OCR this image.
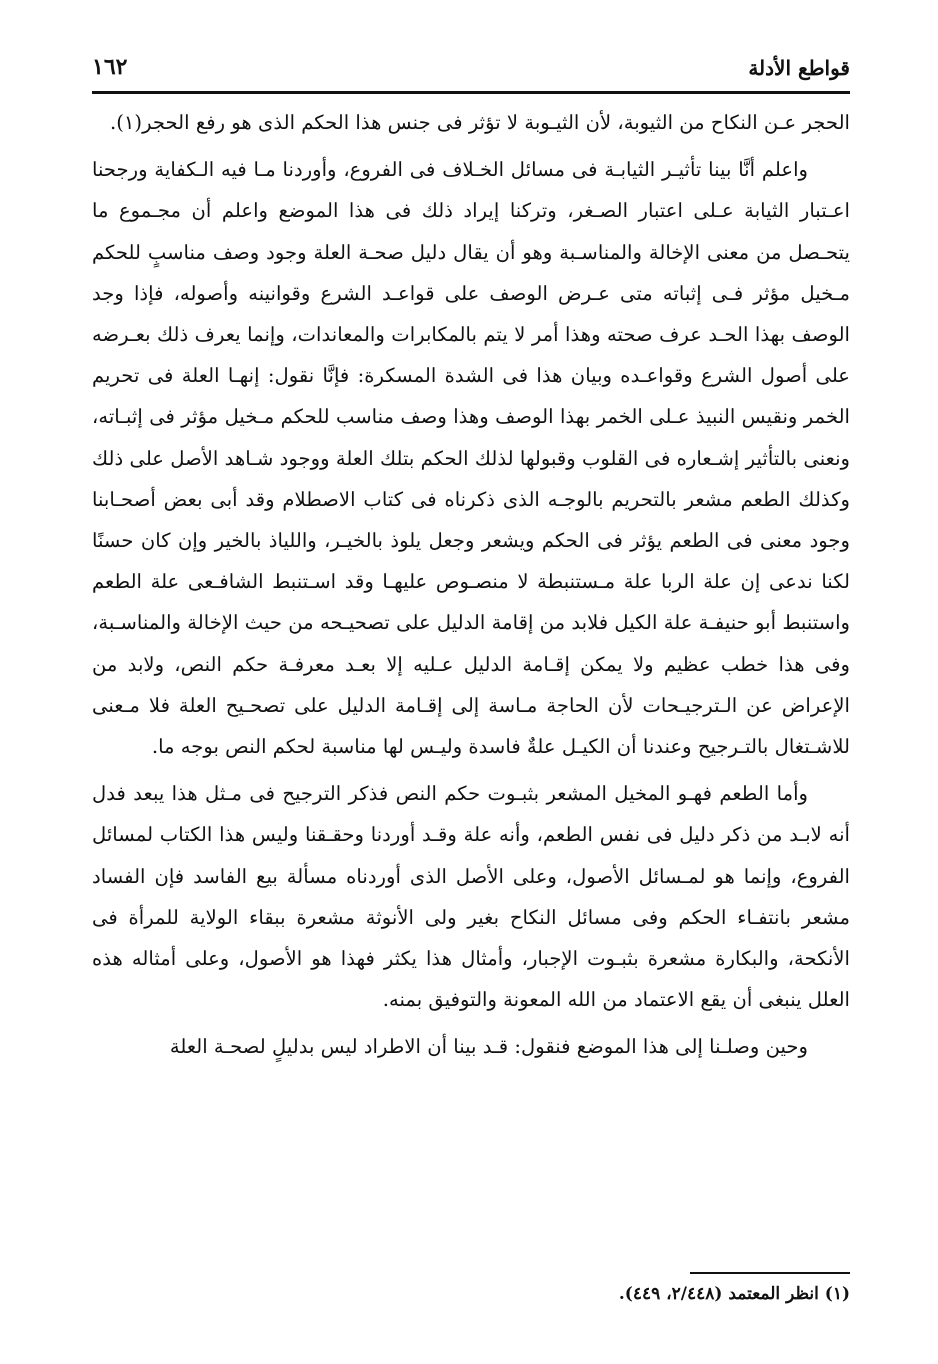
قواطع الأدلة
١٦٢

الحجر عـن النكاح من الثيوبة، لأن الثيـوبة لا تؤثر فى جنس هذا الحكم الذى هو رفع الحجر(١).

واعلم أنَّا بينا تأثيـر الثيابـة فى مسائل الخـلاف فى الفروع، وأوردنا مـا فيه الـكفاية ورجحنا اعـتبار الثيابة عـلى اعتبار الصـغر، وتركنا إيراد ذلك فى هذا الموضع واعلم أن مجـموع ما يتحـصل من معنى الإخالة والمناسـبة وهو أن يقال دليل صحـة العلة وجود وصف مناسبٍ للحكم مـخيل مؤثر فـى إثباته متى عـرض الوصف على قواعـد الشرع وقوانينه وأصوله، فإذا وجد الوصف بهذا الحـد عرف صحته وهذا أمر لا يتم بالمكابرات والمعاندات، وإنما يعرف ذلك بعـرضه على أصول الشرع وقواعـده وبيان هذا فى الشدة المسكرة: فإنَّا نقول: إنهـا العلة فى تحريم الخمر ونقيس النبيذ عـلى الخمر بهذا الوصف وهذا وصف مناسب للحكم مـخيل مؤثر فى إثبـاته، ونعنى بالتأثير إشـعاره فى القلوب وقبولها لذلك الحكم بتلك العلة ووجود شـاهد الأصل على ذلك وكذلك الطعم مشعر بالتحريم بالوجـه الذى ذكرناه فى كتاب الاصطلام وقد أبى بعض أصحـابنا وجود معنى فى الطعم يؤثر فى الحكم ويشعر وجعل يلوذ بالخيـر، واللياذ بالخير وإن كان حسنًا لكنا ندعى إن علة الربا علة مـستنبطة لا منصـوص عليهـا وقد اسـتنبط الشافـعى علة الطعم واستنبط أبو حنيفـة علة الكيل فلابد من إقامة الدليل على تصحيـحه من حيث الإخالة والمناسـبة، وفى هذا خطب عظيم ولا يمكن إقـامة الدليل عـليه إلا بعـد معرفـة حكم النص، ولابد من الإعراض عن الـترجيـحات لأن الحاجة مـاسة إلى إقـامة الدليل على تصحـيح العلة فلا مـعنى للاشـتغال بالتـرجيح وعندنا أن الكيـل علةٌ فاسدة وليـس لها مناسبة لحكم النص بوجه ما.

وأما الطعم فهـو المخيل المشعر بثبـوت حكم النص فذكر الترجيح فى مـثل هذا يبعد فدل أنه لابـد من ذكر دليل فى نفس الطعم، وأنه علة وقـد أوردنا وحقـقنا وليس هذا الكتاب لمسائل الفروع، وإنما هو لمـسائل الأصول، وعلى الأصل الذى أوردناه مسألة بيع الفاسد فإن الفساد مشعر بانتفـاء الحكم وفى مسائل النكاح بغير ولى الأنوثة مشعرة ببقاء الولاية للمرأة فى الأنكحة، والبكارة مشعرة بثبـوت الإجبار، وأمثال هذا يكثر فهذا هو الأصول، وعلى أمثاله هذه العلل ينبغى أن يقع الاعتماد من الله المعونة والتوفيق بمنه.

وحين وصلـنا إلى هذا الموضع فنقول: قـد بينا أن الاطراد ليس بدليلٍ لصحـة العلة

(١) انظر المعتمد (٢/٤٤٨، ٤٤٩).
